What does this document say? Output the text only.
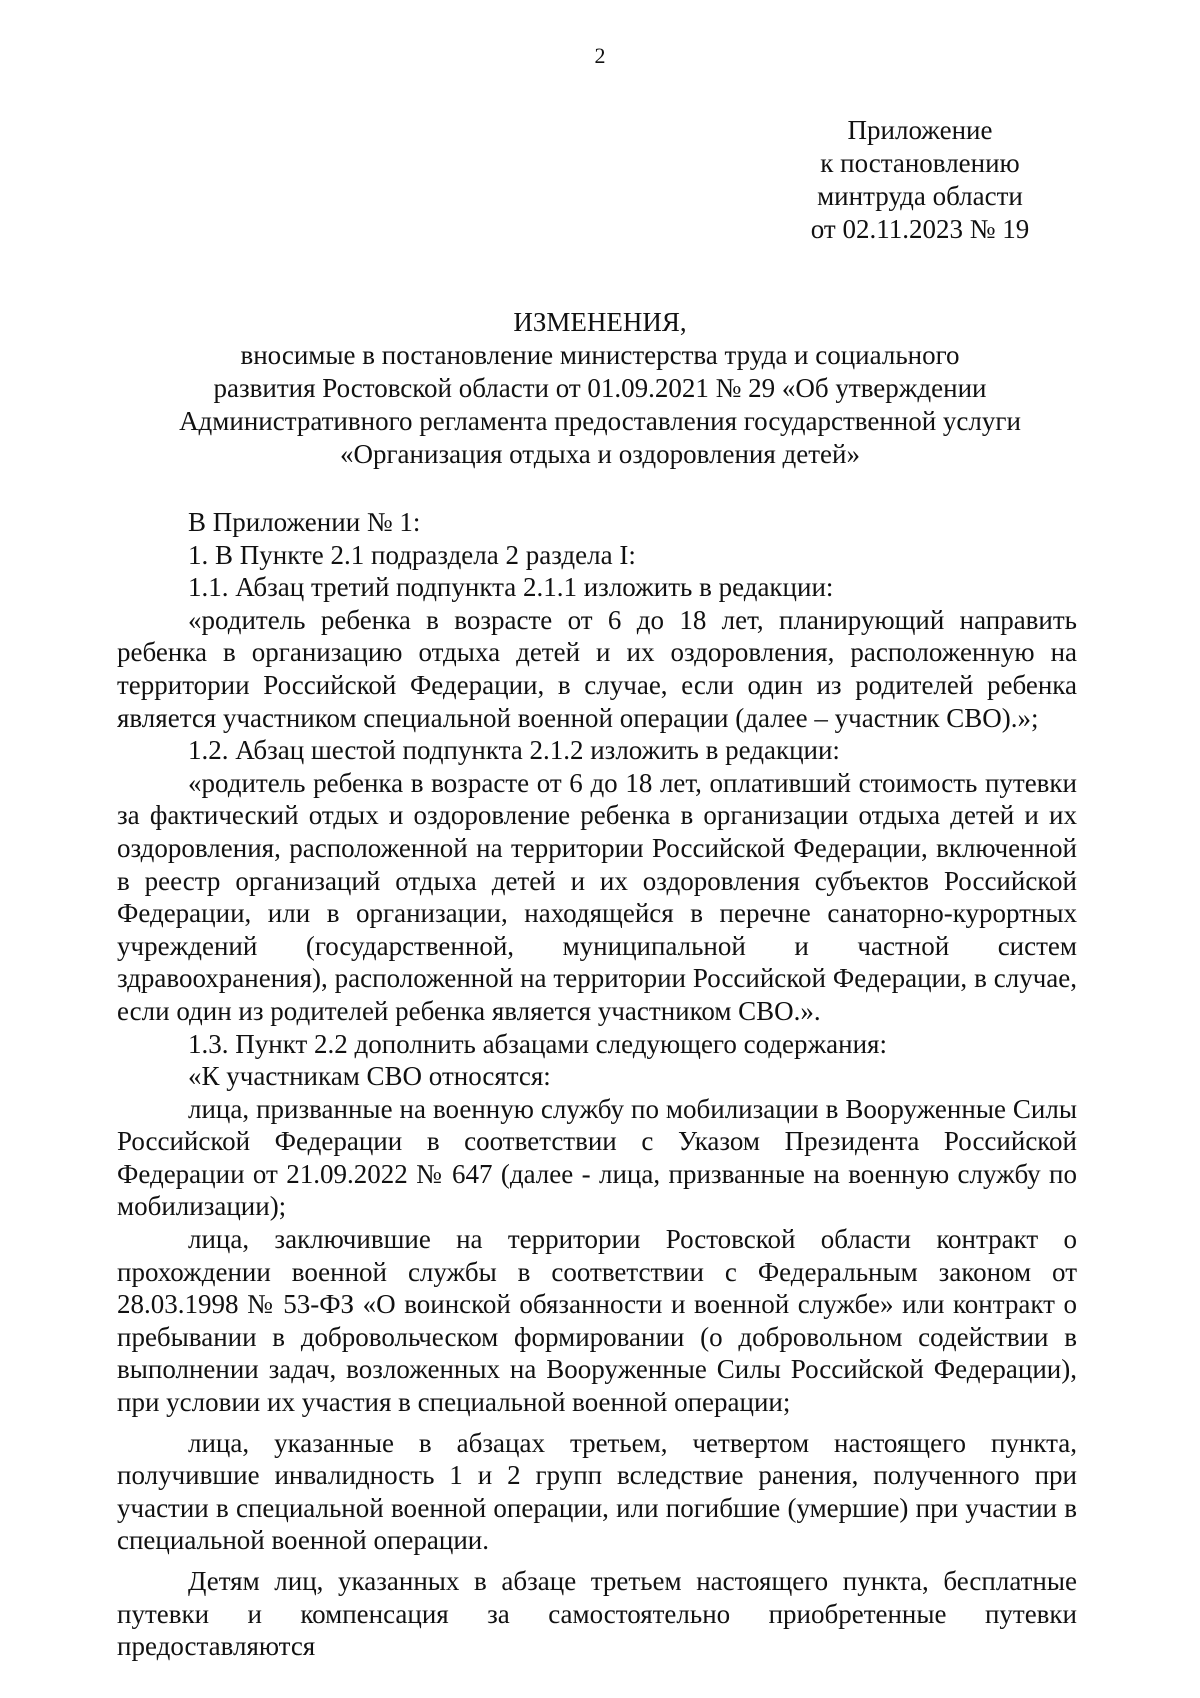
2
Приложение
к постановлению
минтруда области
от 02.11.2023 № 19
ИЗМЕНЕНИЯ,
вносимые в постановление министерства труда и социального
развития Ростовской области от 01.09.2021 № 29 «Об утверждении
Административного регламента предоставления государственной услуги
«Организация отдыха и оздоровления детей»

В Приложении № 1:

1. В Пункте 2.1 подраздела 2 раздела I:

1.1. Абзац третий подпункта 2.1.1 изложить в редакции:

«родитель ребенка в возрасте от 6 до 18 лет, планирующий направить ребенка в организацию отдыха детей и их оздоровления, расположенную на территории Российской Федерации, в случае, если один из родителей ребенка является участником специальной военной операции (далее – участник СВО).»;

1.2. Абзац шестой подпункта 2.1.2 изложить в редакции:

«родитель ребенка в возрасте от 6 до 18 лет, оплативший стоимость путевки за фактический отдых и оздоровление ребенка в организации отдыха детей и их оздоровления, расположенной на территории Российской Федерации, включенной в реестр организаций отдыха детей и их оздоровления субъектов Российской Федерации, или в организации, находящейся в перечне санаторно-курортных учреждений (государственной, муниципальной и частной систем здравоохранения), расположенной на территории Российской Федерации, в случае, если один из родителей ребенка является участником СВО.».

1.3. Пункт 2.2 дополнить абзацами следующего содержания:

«К участникам СВО относятся:

лица, призванные на военную службу по мобилизации в Вооруженные Силы Российской Федерации в соответствии с Указом Президента Российской Федерации от 21.09.2022 № 647 (далее - лица, призванные на военную службу по мобилизации);

лица, заключившие на территории Ростовской области контракт о прохождении военной службы в соответствии с Федеральным законом от 28.03.1998 № 53-ФЗ «О воинской обязанности и военной службе» или контракт о пребывании в добровольческом формировании (о добровольном содействии в выполнении задач, возложенных на Вооруженные Силы Российской Федерации), при условии их участия в специальной военной операции;

лица, указанные в абзацах третьем, четвертом настоящего пункта, получившие инвалидность 1 и 2 групп вследствие ранения, полученного при участии в специальной военной операции, или погибшие (умершие) при участии в специальной военной операции.

Детям лиц, указанных в абзаце третьем настоящего пункта, бесплатные путевки и компенсация за самостоятельно приобретенные путевки предоставляются
